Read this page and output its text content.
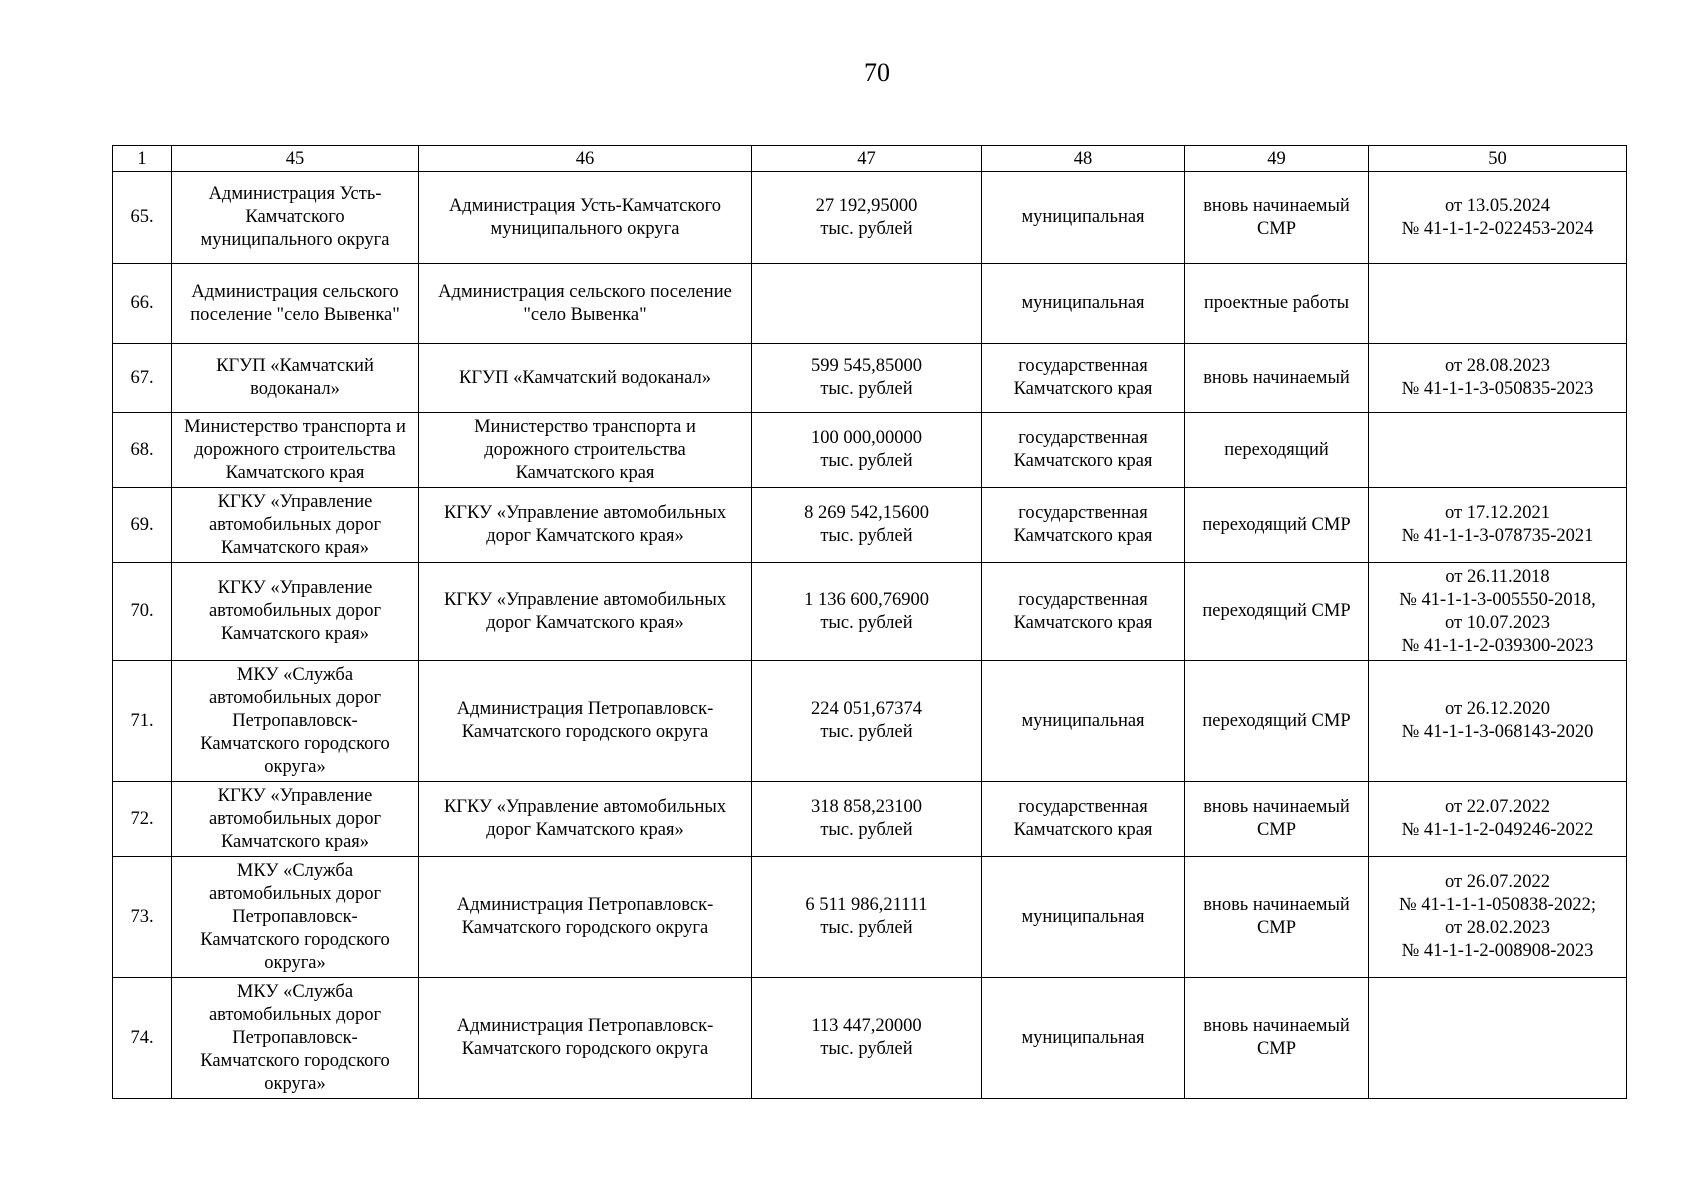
70
1	45	46	47	48	49	50
65.	Администрация Усть-
Камчатского
муниципального округа	Администрация Усть-Камчатского
муниципального округа	27 192,95000
тыс. рублей	муниципальная	вновь начинаемый
СМР	от 13.05.2024
№ 41-1-1-2-022453-2024
66.	Администрация сельского
поселение "село Вывенка"	Администрация сельского поселение
"село Вывенка"		муниципальная	проектные работы	
67.	КГУП «Камчатский
водоканал»	КГУП «Камчатский водоканал»	599 545,85000
тыс. рублей	государственная
Камчатского края	вновь начинаемый	от 28.08.2023
№ 41-1-1-3-050835-2023
68.	Министерство транспорта и
дорожного строительства
Камчатского края	Министерство транспорта и
дорожного строительства
Камчатского края	100 000,00000
тыс. рублей	государственная
Камчатского края	переходящий	
69.	КГКУ «Управление
автомобильных дорог
Камчатского края»	КГКУ «Управление автомобильных
дорог Камчатского края»	8 269 542,15600
тыс. рублей	государственная
Камчатского края	переходящий СМР	от 17.12.2021
№ 41-1-1-3-078735-2021
70.	КГКУ «Управление
автомобильных дорог
Камчатского края»	КГКУ «Управление автомобильных
дорог Камчатского края»	1 136 600,76900
тыс. рублей	государственная
Камчатского края	переходящий СМР	от 26.11.2018
№ 41-1-1-3-005550-2018,
от 10.07.2023
№ 41-1-1-2-039300-2023
71.	МКУ «Служба
автомобильных дорог
Петропавловск-
Камчатского городского
округа»	Администрация Петропавловск-
Камчатского городского округа	224 051,67374
тыс. рублей	муниципальная	переходящий СМР	от 26.12.2020
№ 41-1-1-3-068143-2020
72.	КГКУ «Управление
автомобильных дорог
Камчатского края»	КГКУ «Управление автомобильных
дорог Камчатского края»	318 858,23100
тыс. рублей	государственная
Камчатского края	вновь начинаемый
СМР	от 22.07.2022
№ 41-1-1-2-049246-2022
73.	МКУ «Служба
автомобильных дорог
Петропавловск-
Камчатского городского
округа»	Администрация Петропавловск-
Камчатского городского округа	6 511 986,21111
тыс. рублей	муниципальная	вновь начинаемый
СМР	от 26.07.2022
№ 41-1-1-1-050838-2022;
от 28.02.2023
№ 41-1-1-2-008908-2023
74.	МКУ «Служба
автомобильных дорог
Петропавловск-
Камчатского городского
округа»	Администрация Петропавловск-
Камчатского городского округа	113 447,20000
тыс. рублей	муниципальная	вновь начинаемый
СМР	
